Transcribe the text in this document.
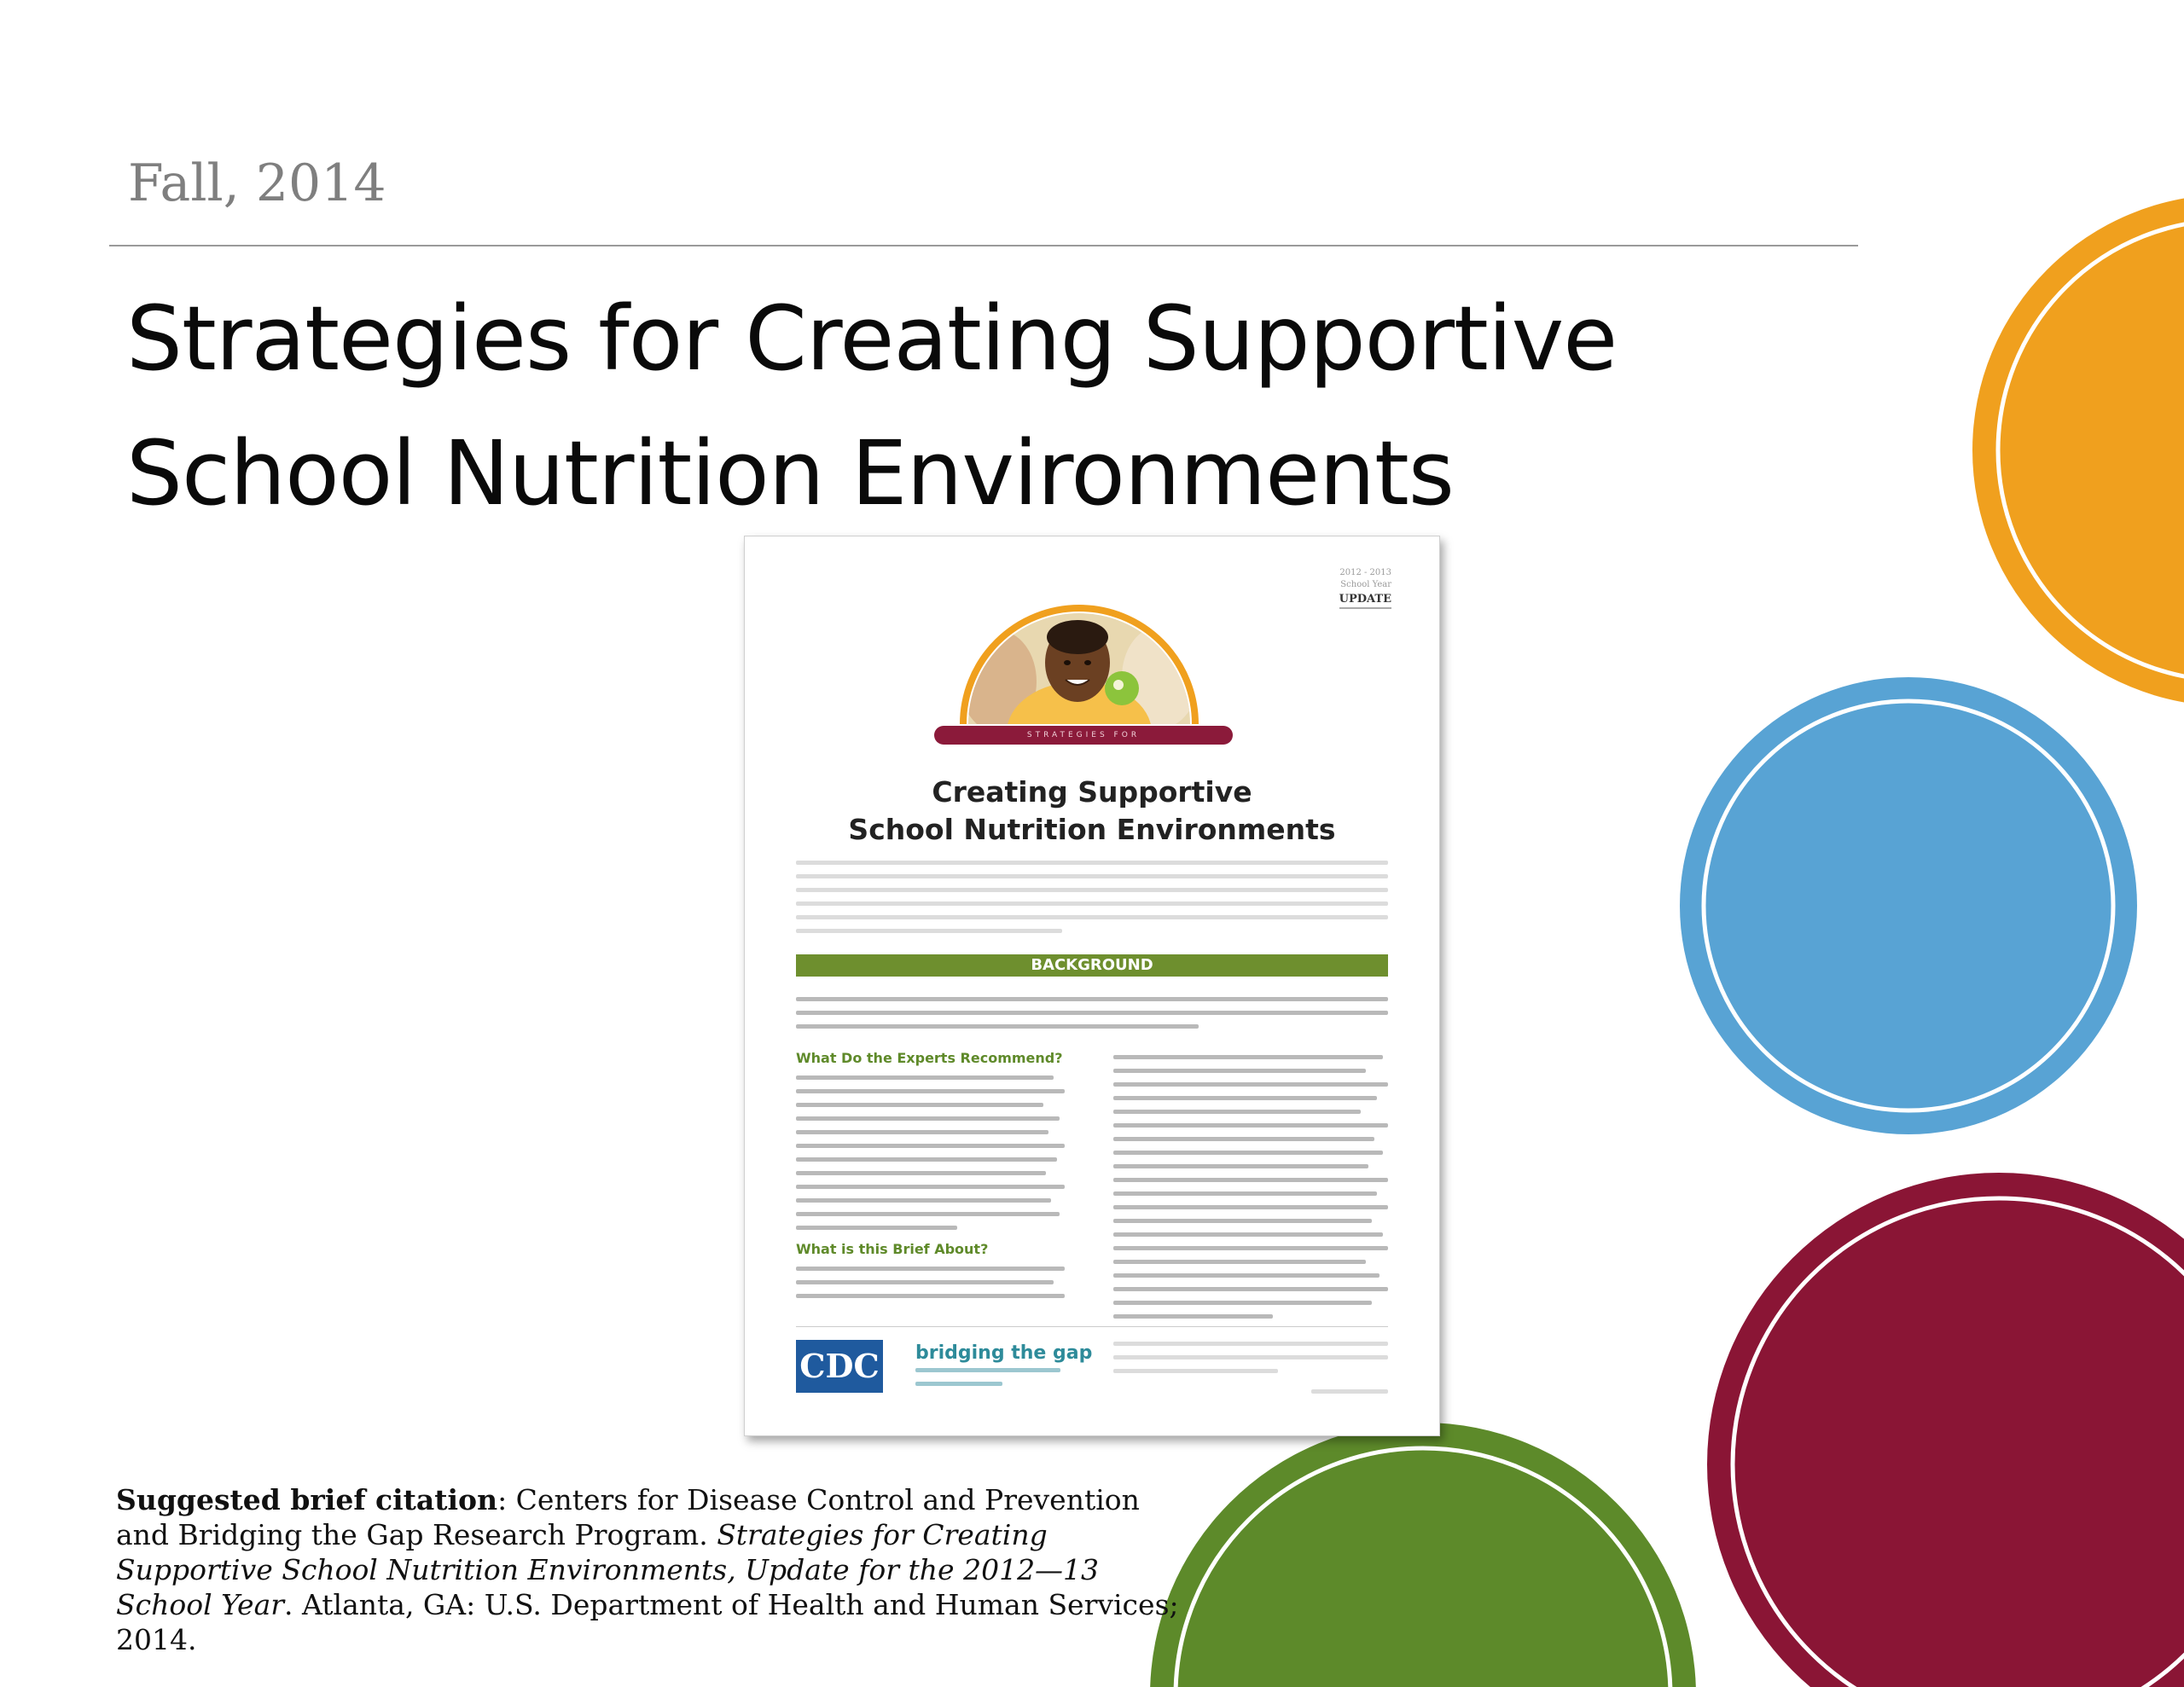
Fall, 2014
Strategies for Creating Supportive
School Nutrition Environments
2012 - 2013
School Year
UPDATE
STRATEGIES FOR
Creating Supportive
School Nutrition Environments
BACKGROUND
What Do the Experts Recommend?
What is this Brief About?
CDC bridging the gap
Suggested brief citation: Centers for Disease Control and Prevention and Bridging the Gap Research Program. Strategies for Creating Supportive School Nutrition Environments, Update for the 2012—13 School Year. Atlanta, GA: U.S. Department of Health and Human Services; 2014.
